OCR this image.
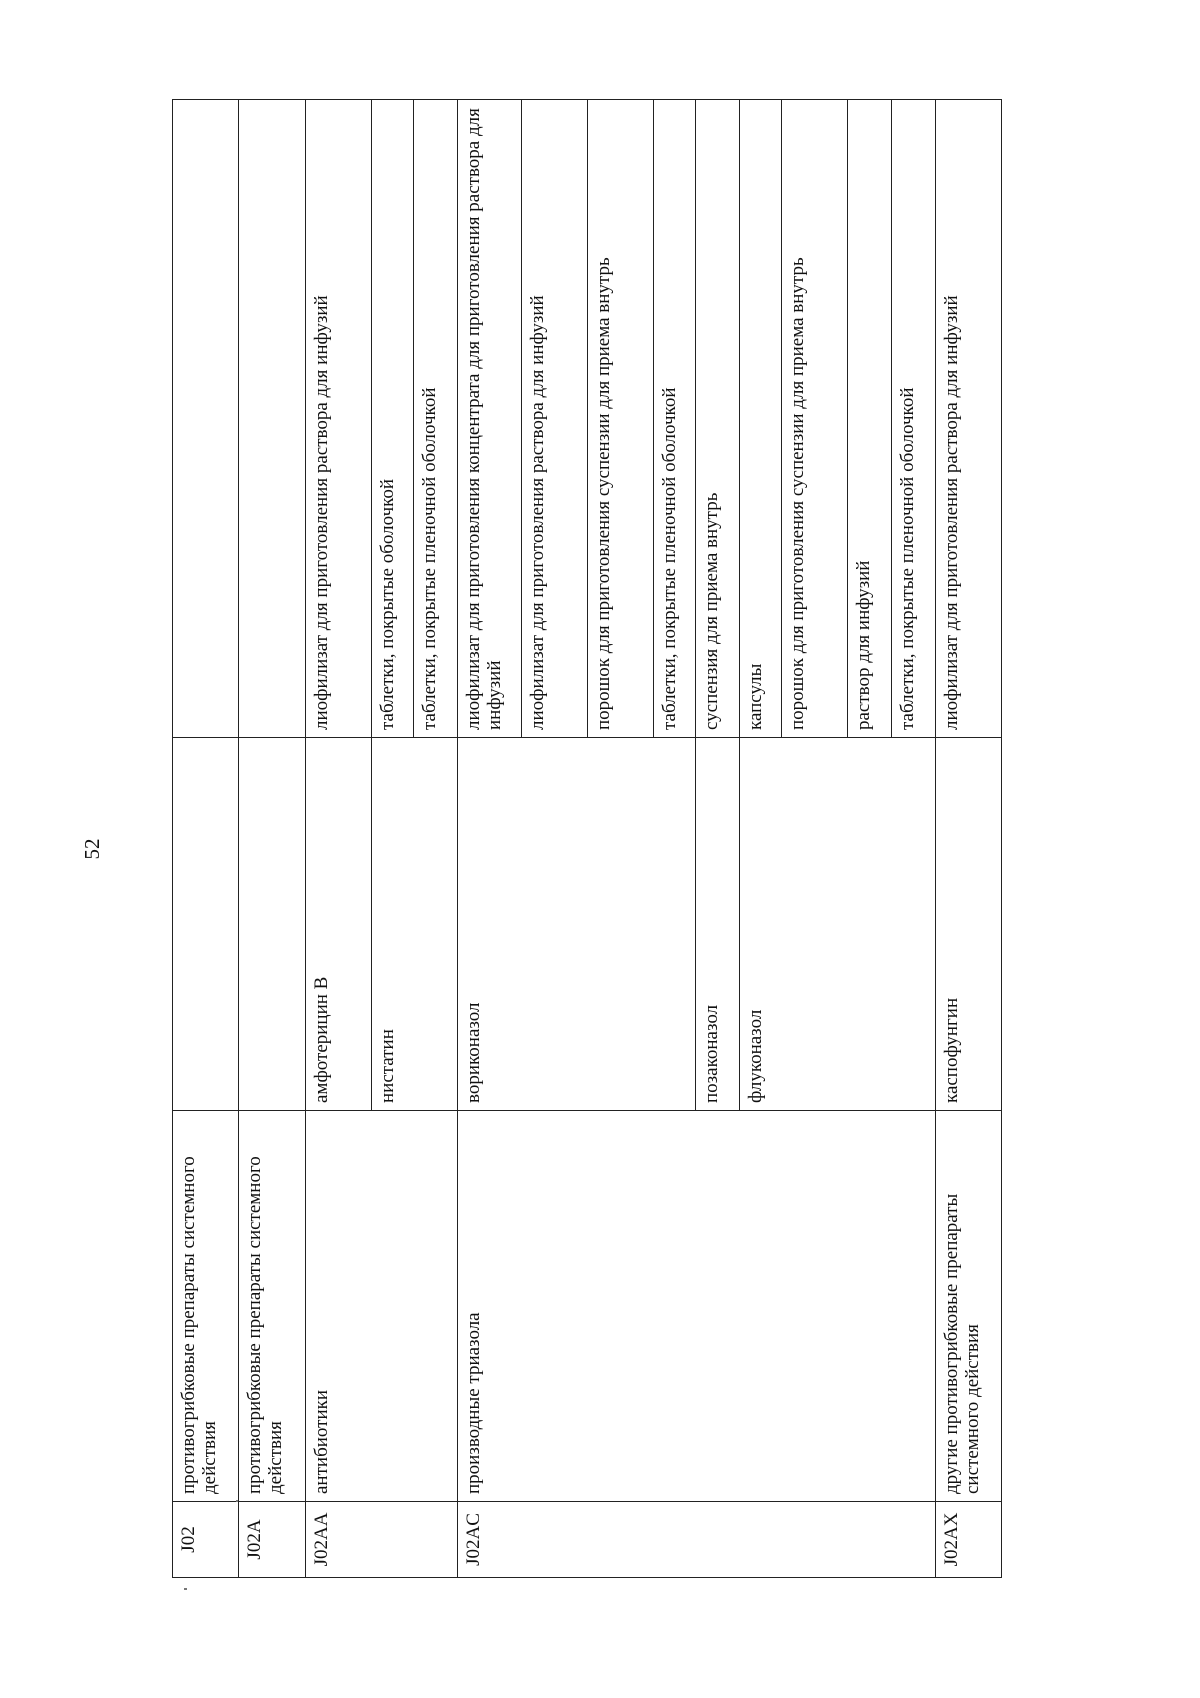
52
J02	противогрибковые препараты системного действия		
J02A	противогрибковые препараты системного действия		
J02AA	антибиотики	амфотерицин В	лиофилизат для приготовления раствора для инфузий
		нистатин	таблетки, покрытые оболочкой
			таблетки, покрытые пленочной оболочкой
J02AC	производные триазола	вориконазол	лиофилизат для приготовления концентрата для приготовления раствора для инфузий
			лиофилизат для приготовления раствора для инфузий
			порошок для приготовления суспензии для приема внутрь
			таблетки, покрытые пленочной оболочкой
		позаконазол	суспензия для приема внутрь
		флуконазол	капсулы
			порошок для приготовления суспензии для приема внутрь
			раствор для инфузий
			таблетки, покрытые пленочной оболочкой
J02AX	другие противогрибковые препараты системного действия	каспофунгин	лиофилизат для приготовления раствора для инфузий
